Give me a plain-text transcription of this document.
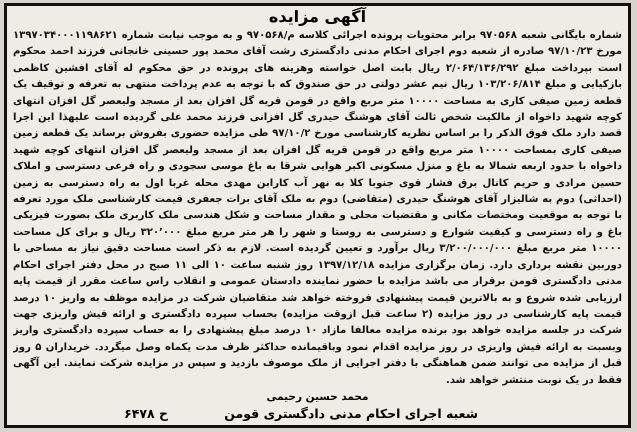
آگهی مزایده
شماره بایگانی شعبه ۹۷۰۵۶۸ برابر محتویات پرونده اجرائی کلاسه م/۹۷۰۵۶۸ و به موجب نیابت شماره ۱۳۹۷۰۳۴۰۰۰۱۱۹۸۶۲۱ مورخ ۹۷/۱۰/۲۳ صادره از شعبه دوم اجرای احکام مدنی دادگستری رشت آقای محمد پور حسینی خانجانی فرزند احمد محکوم است بپرداخت مبلغ ۲/۰۶۴/۱۳۶/۲۹۲ ریال بابت اصل خواسته وهزینه های پرونده در حق محکوم له آقای افشین کاظمی بازکیایی و مبلغ ۱۰۳/۲۰۶/۸۱۴ ریال نیم عشر دولتی در حق صندوق که با توجه به عدم پرداخت منتهی به تعرفه و توقیف یک قطعه زمین صیفی کاری به مساحت ۱۰۰۰۰ متر مربع واقع در قومن قریه گل افزان بعد از مسجد ولیعصر گل افزان انتهای کوچه شهید داخواه از مالکیت شخص ثالث آقای هوشنگ حیدری گل افزانی فرزند محمد علی گردیده است علیهذا این اجرا قصد دارد ملک فوق الذکر را بر اساس نظریه کارشناسی مورخ ۹۷/۱۰/۲ طی مزایده حضوری بفروش برساند یک قطعه زمین صیفی کاری بمساحت ۱۰۰۰۰ متر مربع واقع در قومن قریه گل افزان بعد از مسجد ولیعصر گل افزان انتهای کوچه شهید داخواه با حدود اربعه شمالا به باغ و منزل مسکونی اکبر هوایی شرقا به باغ موسی سجودی و راه فرعی دسترسی و املاک حسین مرادی و حریم کانال برق فشار قوی جنوبا کلا به نهر آب کارابن مهدی محله غربا اول به راه دسترسی به زمین (احداثی) دوم به شالیزار آقای هوشنگ حیدری (متقاضی) دوم به ملک آقای برات جعفری قیمت کارشناسی ملک مورد تعرفه با توجه به موقعیت ومختصات مکانی و مقتضیات محلی و مقدار مساحت و شکل هندسی ملک کاربری ملک بصورت فیزیکی باغ و راه دسترسی و کیفیت شوارع و دسترسی به روستا و شهر را هر متر مربع مبلغ ۳۲۰٬۰۰۰ ریال و برای کل مساحت ۱۰۰۰۰ متر مربع مبلغ ۳/۲۰۰/۰۰۰/۰۰۰ ریال برآورد و تعیین گردیده است. لازم به ذکر است مساحت دقیق نیاز به مساحی با دوربین نقشه برداری دارد. زمان برگزاری مزایده ۱۳۹۷/۱۲/۱۸ روز شنبه ساعت ۱۰ الی ۱۱ صبح در محل دفتر اجرای احکام مدنی دادگستری قومن برقرار می باشد مزایده با حضور نماینده دادستان عمومی و انقلاب راس ساعت مقرر از قیمت پایه ارزیابی شده شروع و به بالاترین قیمت پیشنهادی فروخته خواهد شد متقاضیان شرکت در مزایده موظف به واریز ۱۰ درصد قیمت پایه کارشناسی در روز مزایده (۲ ساعت قبل ازوقت مزایده) بحساب سپرده دادگستری و ارائه فیش واریزی جهت شرکت در جلسه مزایده خواهد بود برنده مزایده معالفا مازاد ۱۰ درصد مبلغ پیشنهادی را به حساب سپرده دادگستری واریز وبسبت به ارائه فیش واریزی در روز مزایده اقدام نمود وباقیمانده حداکثر ظرف مدت یکماه وصل میگردد. خریداران ۵ روز قبل از مزایده می توانند ضمن هماهنگی با دفتر اجرایی از ملک موصوف بازدید و سپس در مزایده شرکت نمایند. این آگهی فقط در یک نوبت منتشر خواهد شد.
محمد حسین رحیمی
شعبه اجرای احکام مدنی دادگستری قومن
ح ۶۴۷۸
